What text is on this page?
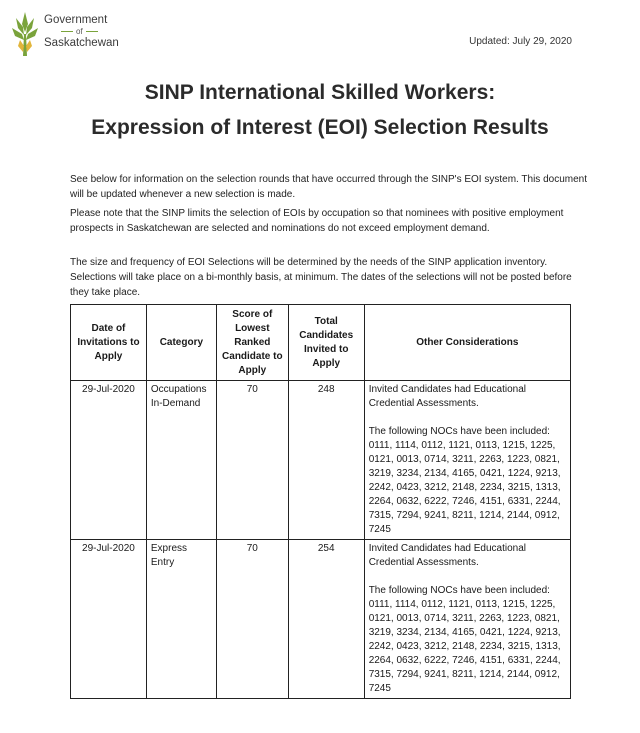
Government
of
Saskatchewan	Updated: July 29, 2020
SINP International Skilled Workers:
Expression of Interest (EOI) Selection Results
See below for information on the selection rounds that have occurred through the SINP's EOI system. This document will be updated whenever a new selection is made.
Please note that the SINP limits the selection of EOIs by occupation so that nominees with positive employment prospects in Saskatchewan are selected and nominations do not exceed employment demand.
The size and frequency of EOI Selections will be determined by the needs of the SINP application inventory. Selections will take place on a bi-monthly basis, at minimum. The dates of the selections will not be posted before they take place.
Date of Invitations to Apply	Category	Score of Lowest Ranked Candidate to Apply	Total Candidates Invited to Apply	Other Considerations
29-Jul-2020	Occupations In-Demand	70	248	Invited Candidates had Educational Credential Assessments.
The following NOCs have been included: 0111, 1114, 0112, 1121, 0113, 1215, 1225, 0121, 0013, 0714, 3211, 2263, 1223, 0821, 3219, 3234, 2134, 4165, 0421, 1224, 9213, 2242, 0423, 3212, 2148, 2234, 3215, 1313, 2264, 0632, 6222, 7246, 4151, 6331, 2244, 7315, 7294, 9241, 8211, 1214, 2144, 0912, 7245

29-Jul-2020	Express Entry	70	254	Invited Candidates had Educational Credential Assessments.
The following NOCs have been included: 0111, 1114, 0112, 1121, 0113, 1215, 1225, 0121, 0013, 0714, 3211, 2263, 1223, 0821, 3219, 3234, 2134, 4165, 0421, 1224, 9213, 2242, 0423, 3212, 2148, 2234, 3215, 1313, 2264, 0632, 6222, 7246, 4151, 6331, 2244, 7315, 7294, 9241, 8211, 1214, 2144, 0912, 7245
